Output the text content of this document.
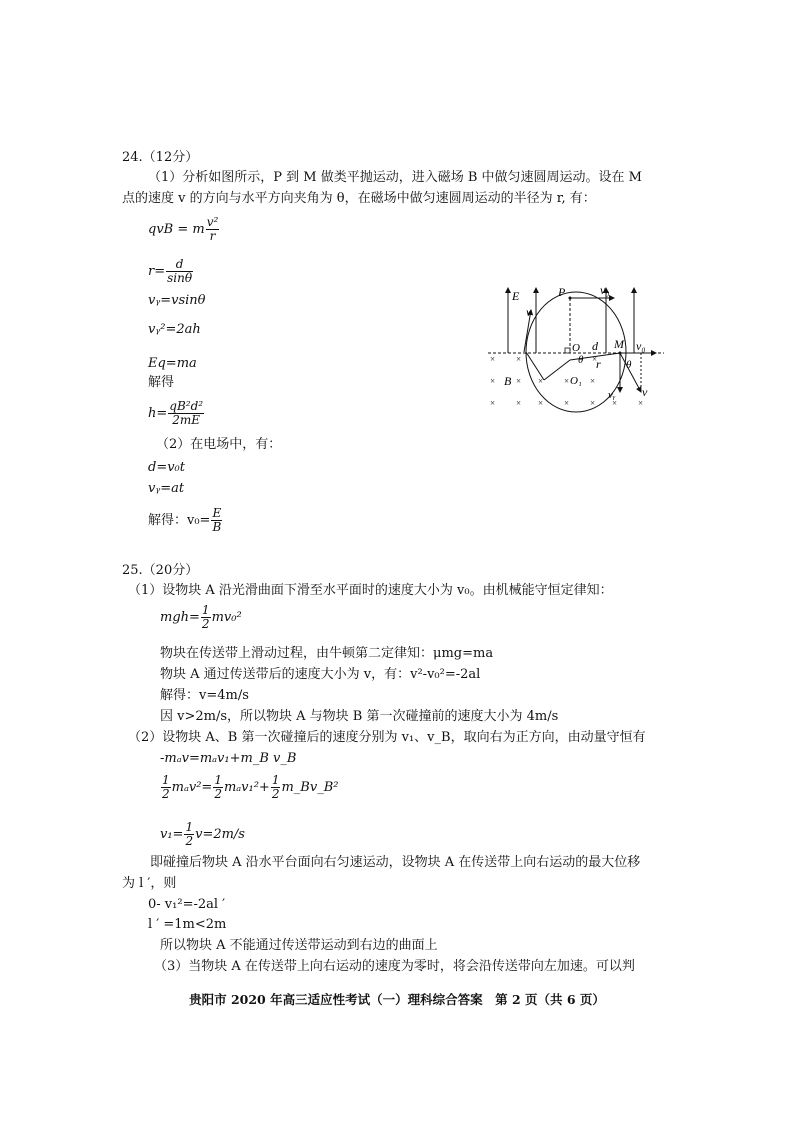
24.（12分）
（1）分析如图所示，P 到 M 做类平抛运动，进入磁场 B 中做匀速圆周运动。设在 M
点的速度 v 的方向与水平方向夹角为 θ，在磁场中做匀速圆周运动的半径为 r, 有：
qvB = m $\frac{\text{v²}}{r}$
$r= \frac{d}{\sin\theta}$
vᵧ=vsinθ
vᵧ²=2ah
Eq=ma
解得
$h= \frac{\text{qB²d²}}{2mE}$
（2）在电场中，有：
d=v₀t
vᵧ=at
解得：$v_0= \frac{E}{B}$
E
v
P	v₀
O d M v₀
θ	θ
r
O₁
B
vᵧ v
× ×	×
× × × × ×
× × × × × × ×
25.（20分）
（1）设物块 A 沿光滑曲面下滑至水平面时的速度大小为 v₀。由机械能守恒定律知：
$mgh= \frac{1}{2} mv_0^2$
物块在传送带上滑动过程，由牛顿第二定律知：μmg=ma
物块 A 通过传送带后的速度大小为 v，有：v²-v₀²=-2al
解得：v=4m/s
因 v>2m/s，所以物块 A 与物块 B 第一次碰撞前的速度大小为 4m/s
（2）设物块 A、B 第一次碰撞后的速度分别为 v₁、v_B，取向右为正方向，由动量守恒有
-mₐv=mₐv₁+m_B v_B
$\frac{1}{2} m_av^2= \frac{1}{2} m_av_1^2+ \frac{1}{2}$ m_Bv_B²
$v_1= \frac{1}{2} v=2m/s$
即碰撞后物块 A 沿水平台面向右匀速运动，设物块 A 在传送带上向右运动的最大位移
为 l ′，则
0- v₁²=-2al ′
l ′ =1m<2m
所以物块 A 不能通过传送带运动到右边的曲面上
（3）当物块 A 在传送带上向右运动的速度为零时，将会沿传送带向左加速。可以判
贵阳市 2020 年高三适应性考试（一）理科综合答案　第 2 页（共 6 页）
